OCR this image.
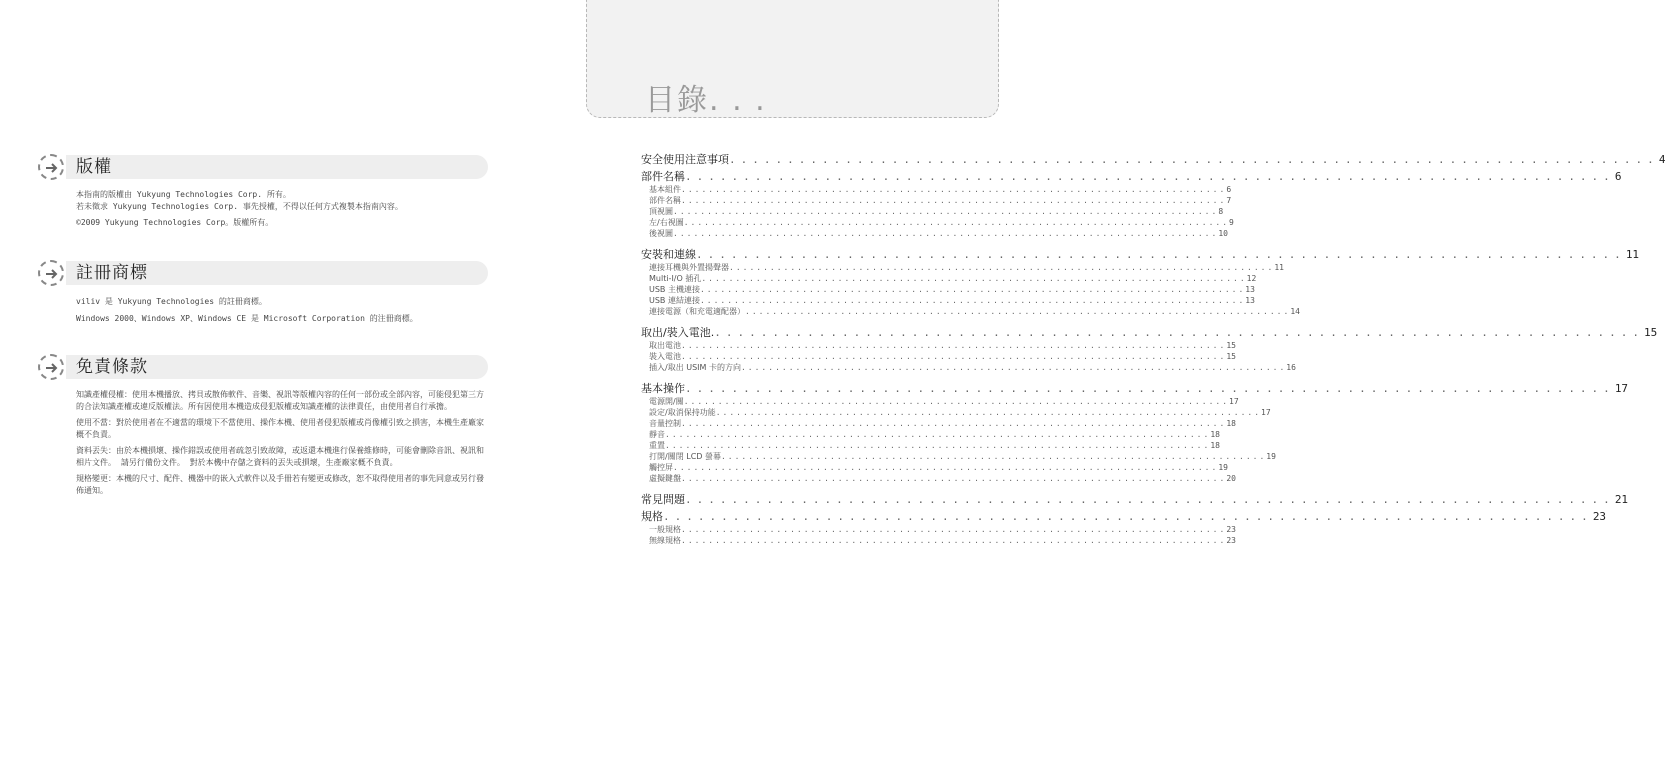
版權

本指南的版權由 Yukyung Technologies Corp. 所有。
若未徵求 Yukyung Technologies Corp. 事先授權，不得以任何方式複製本指南內容。

©2009 Yukyung Technologies Corp。版權所有。

註冊商標

viliv 是 Yukyung Technologies 的註冊商標。

Windows 2000、Windows XP、Windows CE 是 Microsoft Corporation 的注冊商標。

免責條款

知識產權侵權：使用本機播放、拷貝或散佈軟件、音樂、視訊等版權內容的任何一部份或全部內容，可能侵犯第三方的合法知識產權或違反版權法。所有因使用本機造成侵犯版權或知識產權的法律責任，由使用者自行承擔。

使用不當：對於使用者在不適當的環境下不當使用、操作本機、使用者侵犯版權或肖像權引致之損害，本機生產廠家概不負責。

資料丟失：由於本機損壞、操作錯誤或使用者疏忽引致故障，或返還本機進行保養維修時，可能會刪除音訊、視訊和相片文件。 請另行備份文件。 對於本機中存儲之資料的丟失或損壞，生產廠家概不負責。

規格變更：本機的尺寸、配件、機器中的嵌入式軟件以及手冊若有變更或修改，恕不取得使用者的事先同意或另行發佈通知。

目錄. . .
安全使用注意事項 ................................................................................ 4
部件名稱 ................................................................................ 6
基本組件 ................................................................................ 6
部件名稱 ................................................................................ 7
頂視圖 ................................................................................ 8
左/右視圖 ................................................................................ 9
後視圖 ................................................................................ 10
安裝和連線 ................................................................................ 11
連接耳機與外置揚聲器 ................................................................................ 11
Multi-I/O 插孔 ................................................................................ 12
USB 主機連接 ................................................................................ 13
USB 連結連接 ................................................................................ 13
連接電源（和充電適配器） ................................................................................ 14
取出/裝入電池. ................................................................................ 15
取出電池 ................................................................................ 15
裝入電池 ................................................................................ 15
插入/取出 USIM 卡的方向 ................................................................................ 16
基本操作 ................................................................................ 17
電源開/關 ................................................................................ 17
設定/取消保持功能 ................................................................................ 17
音量控制 ................................................................................ 18
靜音 ................................................................................ 18
重置 ................................................................................ 18
打開/關閉 LCD 螢幕 ................................................................................ 19
觸控屏 ................................................................................ 19
虛擬鍵盤 ................................................................................ 20
常見問題 ................................................................................ 21
規格 ................................................................................ 23
一般規格 ................................................................................ 23
無線規格 ................................................................................ 23
